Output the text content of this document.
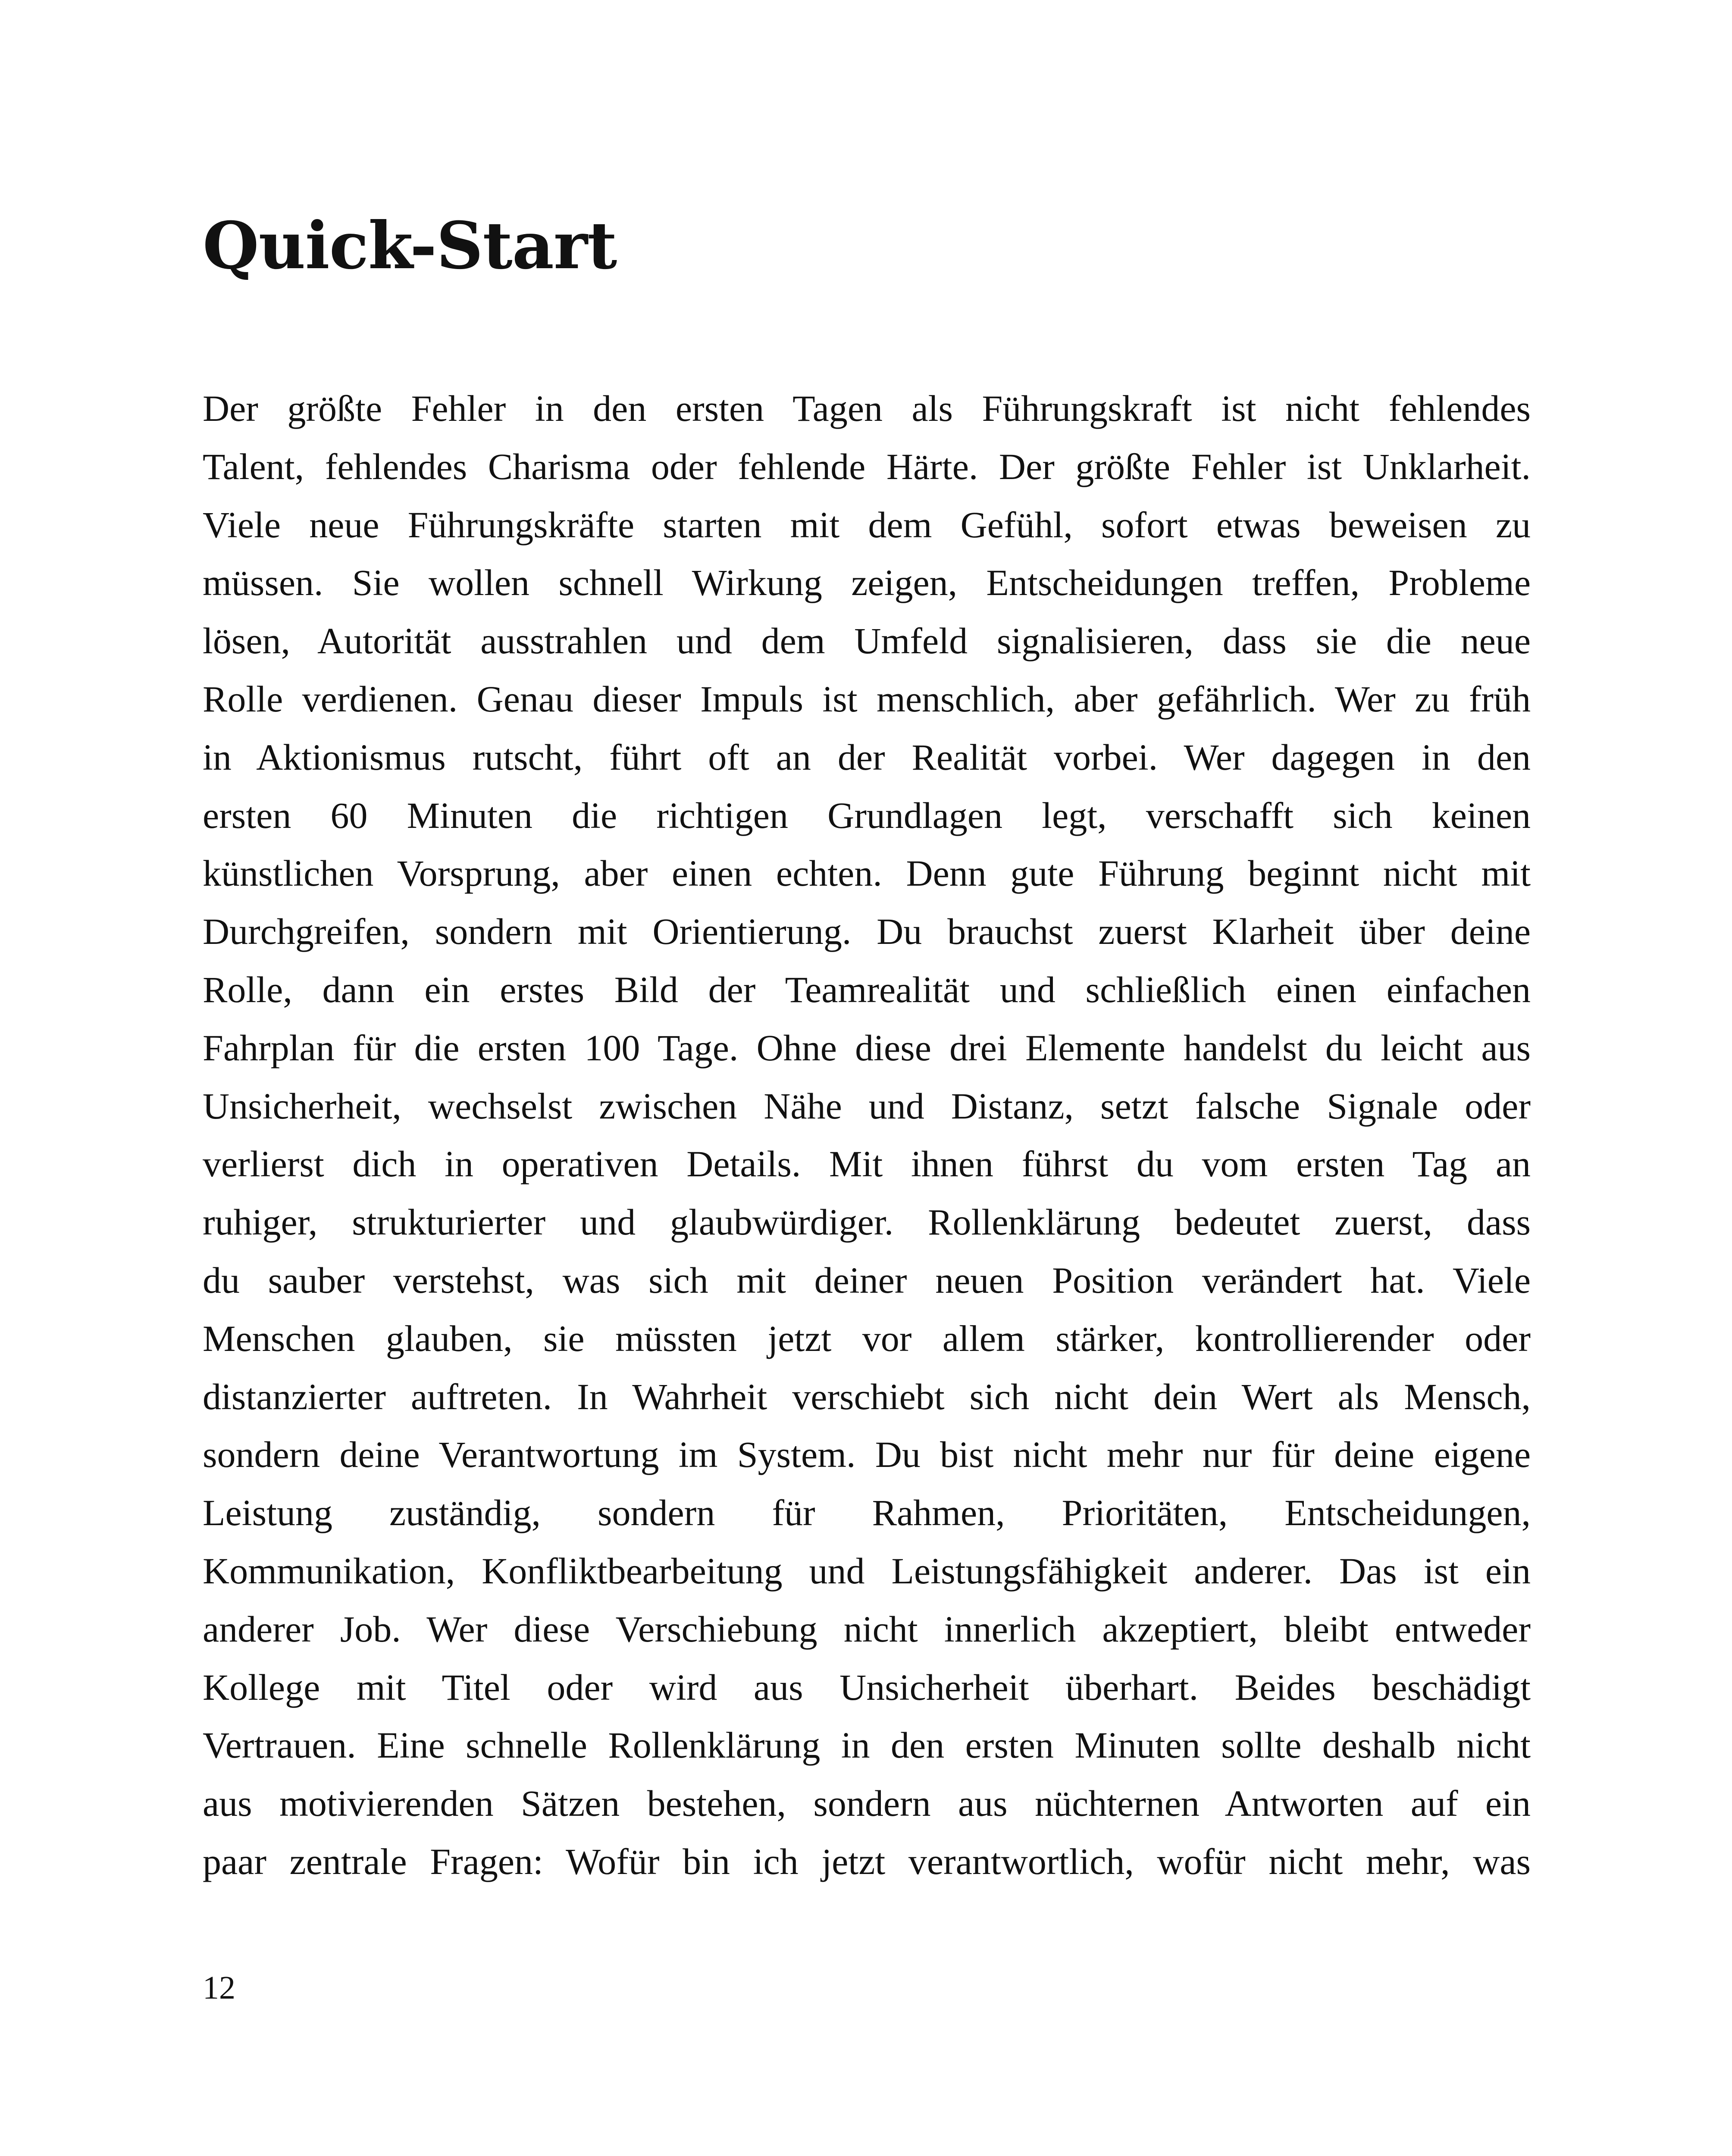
Quick-Start
Der größte Fehler in den ersten Tagen als Führungskraft ist nicht fehlendes
Talent, fehlendes Charisma oder fehlende Härte. Der größte Fehler ist Unklarheit.
Viele neue Führungskräfte starten mit dem Gefühl, sofort etwas beweisen zu
müssen. Sie wollen schnell Wirkung zeigen, Entscheidungen treffen, Probleme
lösen, Autorität ausstrahlen und dem Umfeld signalisieren, dass sie die neue
Rolle verdienen. Genau dieser Impuls ist menschlich, aber gefährlich. Wer zu früh
in Aktionismus rutscht, führt oft an der Realität vorbei. Wer dagegen in den
ersten 60 Minuten die richtigen Grundlagen legt, verschafft sich keinen
künstlichen Vorsprung, aber einen echten. Denn gute Führung beginnt nicht mit
Durchgreifen, sondern mit Orientierung. Du brauchst zuerst Klarheit über deine
Rolle, dann ein erstes Bild der Teamrealität und schließlich einen einfachen
Fahrplan für die ersten 100 Tage. Ohne diese drei Elemente handelst du leicht aus
Unsicherheit, wechselst zwischen Nähe und Distanz, setzt falsche Signale oder
verlierst dich in operativen Details. Mit ihnen führst du vom ersten Tag an
ruhiger, strukturierter und glaubwürdiger. Rollenklärung bedeutet zuerst, dass
du sauber verstehst, was sich mit deiner neuen Position verändert hat. Viele
Menschen glauben, sie müssten jetzt vor allem stärker, kontrollierender oder
distanzierter auftreten. In Wahrheit verschiebt sich nicht dein Wert als Mensch,
sondern deine Verantwortung im System. Du bist nicht mehr nur für deine eigene
Leistung zuständig, sondern für Rahmen, Prioritäten, Entscheidungen,
Kommunikation, Konfliktbearbeitung und Leistungsfähigkeit anderer. Das ist ein
anderer Job. Wer diese Verschiebung nicht innerlich akzeptiert, bleibt entweder
Kollege mit Titel oder wird aus Unsicherheit überhart. Beides beschädigt
Vertrauen. Eine schnelle Rollenklärung in den ersten Minuten sollte deshalb nicht
aus motivierenden Sätzen bestehen, sondern aus nüchternen Antworten auf ein
paar zentrale Fragen: Wofür bin ich jetzt verantwortlich, wofür nicht mehr, was
12
